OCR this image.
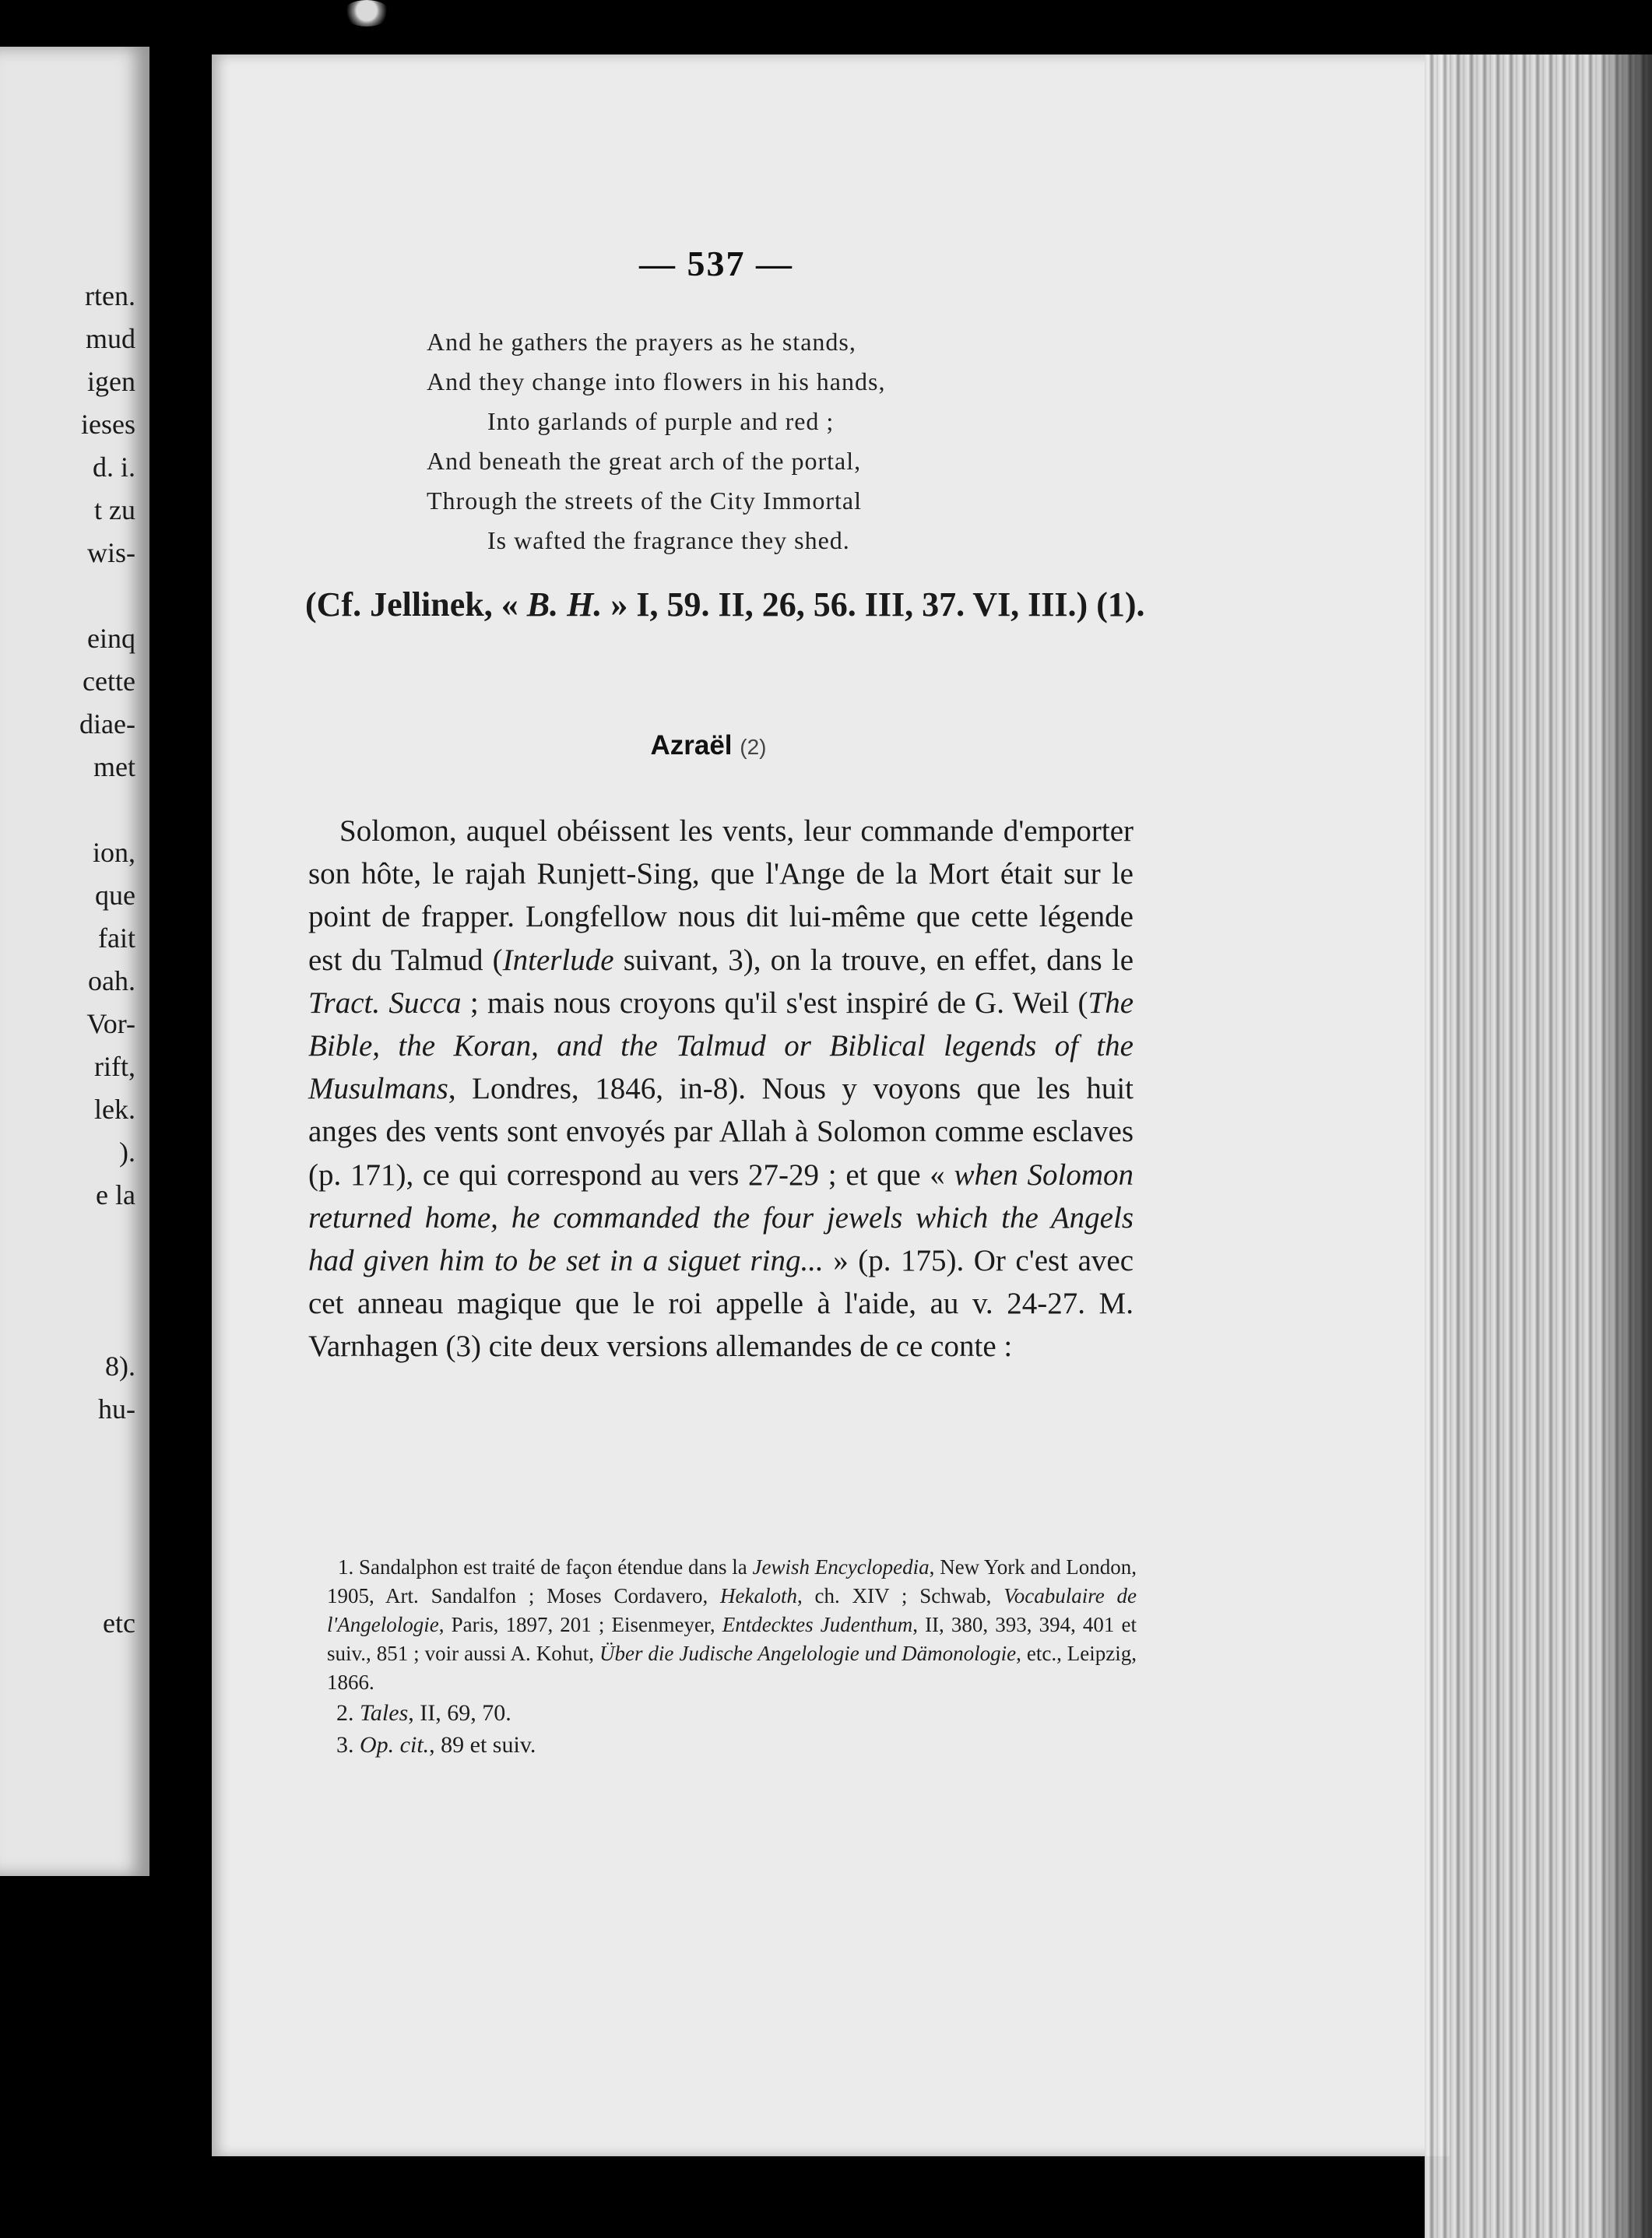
rten.
mud
igen
ieses
d. i.
t zu
wis-
einq
cette
diae-
met
ion,
que
fait
oah.
Vor-
rift,
lek.
).
e la
8).
hu-
etc
— 537 —
And he gathers the prayers as he stands,
And they change into flowers in his hands,
Into garlands of purple and red ;
And beneath the great arch of the portal,
Through the streets of the City Immortal
Is wafted the fragrance they shed.
(Cf. Jellinek, « B. H. » I, 59. II, 26, 56. III, 37. VI, III.) (1).
Azraël (2)

Solomon, auquel obéissent les vents, leur commande d'emporter son hôte, le rajah Runjett-Sing, que l'Ange de la Mort était sur le point de frapper. Longfellow nous dit lui-même que cette légende est du Talmud (Interlude suivant, 3), on la trouve, en effet, dans le Tract. Succa ; mais nous croyons qu'il s'est inspiré de G. Weil (The Bible, the Koran, and the Talmud or Biblical legends of the Musulmans, Londres, 1846, in-8). Nous y voyons que les huit anges des vents sont envoyés par Allah à Solomon comme esclaves (p. 171), ce qui correspond au vers 27-29 ; et que « when Solomon returned home, he commanded the four jewels which the Angels had given him to be set in a siguet ring... » (p. 175). Or c'est avec cet anneau magique que le roi appelle à l'aide, au v. 24-27. M. Varnhagen (3) cite deux versions allemandes de ce conte :

1. Sandalphon est traité de façon étendue dans la Jewish Encyclopedia, New York and London, 1905, Art. Sandalfon ; Moses Cordavero, Hekaloth, ch. XIV ; Schwab, Vocabulaire de l'Angelologie, Paris, 1897, 201 ; Eisenmeyer, Entdecktes Judenthum, II, 380, 393, 394, 401 et suiv., 851 ; voir aussi A. Kohut, Über die Judische Angelologie und Dämonologie, etc., Leipzig, 1866.

2. Tales, II, 69, 70.

3. Op. cit., 89 et suiv.
